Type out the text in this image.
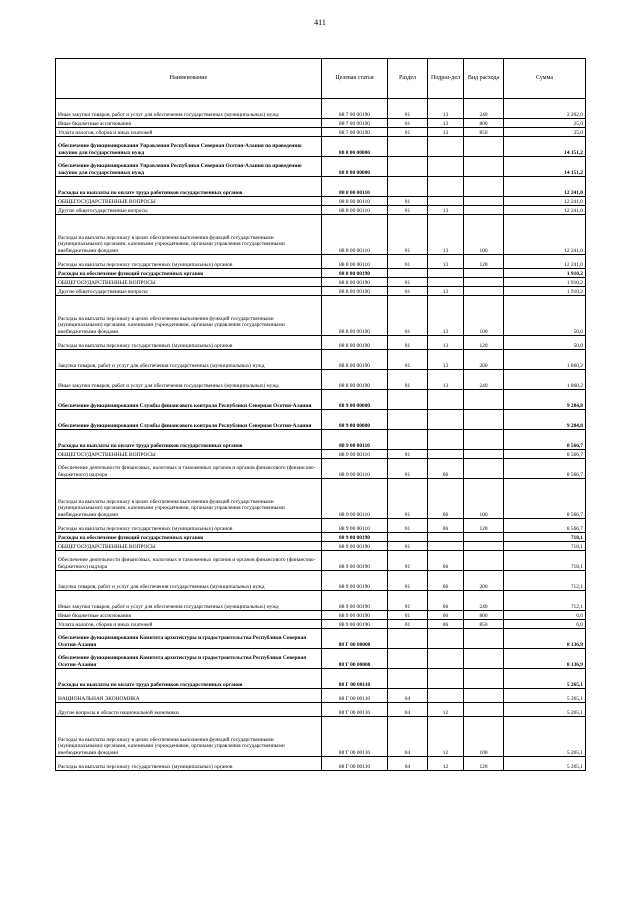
411
Наименование	Целевая статья	Раздел	Подраз-дел	Вид расхода	Сумма
Иные закупки товаров, работ и услуг для обеспечения государственных (муниципальных) нужд	88 7 00 00190	01	13	240	2 202,0
Иные бюджетные ассигнования	88 7 00 00190	01	13	800	25,0
Уплата налогов, сборов и иных платежей	88 7 00 00190	01	13	850	25,0
Обеспечение функционирования Управления Республики Северная Осетия-Алания по проведению закупок для государственных нужд	88 8 00 00000				14 151,2
Обеспечение функционирования Управления Республики Северная Осетия-Алания по проведению закупок для государственных нужд	88 8 00 00000				14 151,2
Расходы на выплаты по оплате труда работников государственных органов	88 8 00 00110				12 241,0
ОБЩЕГОСУДАРСТВЕННЫЕ ВОПРОСЫ	88 8 00 00110	01			12 241,0
Другие общегосударственные вопросы	88 8 00 00110	01	13		12 241,0
Расходы на выплаты персоналу в целях обеспечения выполнения функций государственными (муниципальными) органами, казенными учреждениями, органами управления государственными внебюджетными фондами	88 8 00 00110	01	13	100	12 241,0
Расходы на выплаты персоналу государственных (муниципальных) органов	88 8 00 00110	01	13	120	12 241,0
Расходы на обеспечение функций государственных органов	88 8 00 00190				1 910,2
ОБЩЕГОСУДАРСТВЕННЫЕ ВОПРОСЫ	88 8 00 00190	01			1 910,2
Другие общегосударственные вопросы	88 8 00 00190	01	13		1 910,2
Расходы на выплаты персоналу в целях обеспечения выполнения функций государственными (муниципальными) органами, казенными учреждениями, органами управления государственными внебюджетными фондами	88 8 00 00190	01	13	100	50,0
Расходы на выплаты персоналу государственных (муниципальных) органов	88 8 00 00190	01	13	120	50,0
Закупка товаров, работ и услуг для обеспечения государственных (муниципальных) нужд	88 8 00 00190	01	13	200	1 860,2
Иные закупки товаров, работ и услуг для обеспечения государственных (муниципальных) нужд	88 8 00 00190	01	13	240	1 860,2
Обеспечение функционирования Службы финансового контроля Республики Северная Осетия-Алания	88 9 00 00000				9 284,8
Обеспечение функционирования Службы финансового контроля Республики Северная Осетия-Алания	88 9 00 00000				9 284,8
Расходы на выплаты по оплате труда работников государственных органов	88 9 00 00110				8 566,7
ОБЩЕГОСУДАРСТВЕННЫЕ ВОПРОСЫ	88 9 00 00110	01			8 566,7
Обеспечение деятельности финансовых, налоговых и таможенных органов и органов финансового (финансово-бюджетного) надзора	88 9 00 00110	01	06		8 566,7
Расходы на выплаты персоналу в целях обеспечения выполнения функций государственными (муниципальными) органами, казенными учреждениями, органами управления государственными внебюджетными фондами	88 9 00 00110	01	06	100	8 566,7
Расходы на выплаты персоналу государственных (муниципальных) органов	88 9 00 00110	01	06	120	8 566,7
Расходы на обеспечение функций государственных органов	88 9 00 00190				718,1
ОБЩЕГОСУДАРСТВЕННЫЕ ВОПРОСЫ	88 9 00 00190	01			718,1
Обеспечение деятельности финансовых, налоговых и таможенных органов и органов финансового (финансово-бюджетного) надзора	88 9 00 00190	01	06		718,1
Закупка товаров, работ и услуг для обеспечения государственных (муниципальных) нужд	88 9 00 00190	01	06	200	712,1
Иные закупки товаров, работ и услуг для обеспечения государственных (муниципальных) нужд	88 9 00 00190	01	06	240	712,1
Иные бюджетные ассигнования	88 9 00 00190	01	06	800	6,0
Уплата налогов, сборов и иных платежей	88 9 00 00190	01	06	850	6,0
Обеспечение функционирования Комитета архитектуры и градостроительства Республики Северная Осетия-Алания	88 Г 00 00000				8 136,9
Обеспечение функционирования Комитета архитектуры и градостроительства Республики Северная Осетия-Алания	88 Г 00 00000				8 136,9
Расходы на выплаты по оплате труда работников государственных органов	88 Г 00 00110				5 265,1
НАЦИОНАЛЬНАЯ ЭКОНОМИКА	88 Г 00 00110	04			5 265,1
Другие вопросы в области национальной экономики	88 Г 00 00110	04	12		5 265,1
Расходы на выплаты персоналу в целях обеспечения выполнения функций государственными (муниципальными) органами, казенными учреждениями, органами управления государственными внебюджетными фондами	88 Г 00 00110	04	12	100	5 265,1
Расходы на выплаты персоналу государственных (муниципальных) органов	88 Г 00 00110	04	12	120	5 265,1
